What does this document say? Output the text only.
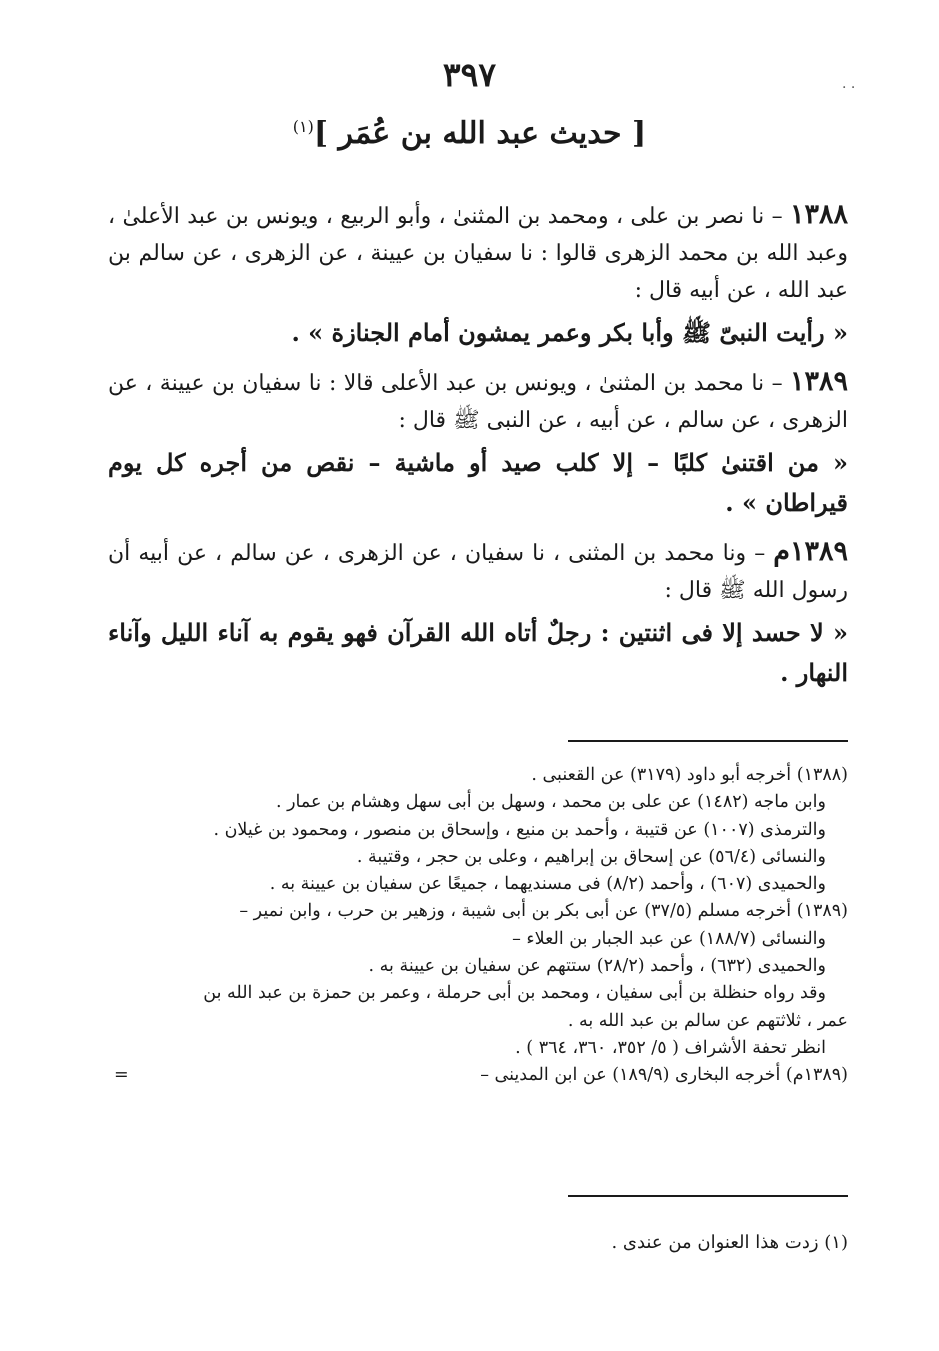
· ·
٣٩٧
[ حديث عبد الله بن عُمَر ]$^{(١)}$

١٣٨٨ – نا نصر بن على ، ومحمد بن المثنىٰ ، وأبو الربيع ، ويونس بن عبد الأعلىٰ ، وعبد الله بن محمد الزهرى قالوا : نا سفيان بن عيينة ، عن الزهرى ، عن سالم بن عبد الله ، عن أبيه قال :

« رأيت النبىّ ﷺ وأبا بكر وعمر يمشون أمام الجنازة » .

١٣٨٩ – نا محمد بن المثنىٰ ، ويونس بن عبد الأعلى قالا : نا سفيان بن عيينة ، عن الزهرى ، عن سالم ، عن أبيه ، عن النبى ﷺ قال :

« من اقتنىٰ كلبًا – إلا كلب صيد أو ماشية – نقص من أجره كل يوم قيراطان » .

١٣٨٩م – ونا محمد بن المثنى ، نا سفيان ، عن الزهرى ، عن سالم ، عن أبيه أن رسول الله ﷺ قال :

« لا حسد إلا فى اثنتين : رجلٌ أتاه الله القرآن فهو يقوم به آناء الليل وآناء النهار .

(١٣٨٨) أخرجه أبو داود (٣١٧٩) عن القعنبى .
وابن ماجه (١٤٨٢) عن على بن محمد ، وسهل بن أبى سهل وهشام بن عمار .
والترمذى (١٠٠٧) عن قتيبة ، وأحمد بن منيع ، وإسحاق بن منصور ، ومحمود بن غيلان .
والنسائى (٥٦/٤) عن إسحاق بن إبراهيم ، وعلى بن حجر ، وقتيبة .
والحميدى (٦٠٧) ، وأحمد (٨/٢) فى مسنديهما ، جميعًا عن سفيان بن عيينة به .
(١٣٨٩) أخرجه مسلم (٣٧/٥) عن أبى بكر بن أبى شيبة ، وزهير بن حرب ، وابن نمير –
والنسائى (١٨٨/٧) عن عبد الجبار بن العلاء –
والحميدى (٦٣٢) ، وأحمد (٢٨/٢) ستتهم عن سفيان بن عيينة به .
وقد رواه حنظلة بن أبى سفيان ، ومحمد بن أبى حرملة ، وعمر بن حمزة بن عبد الله بن
عمر ، ثلاثتهم عن سالم بن عبد الله به .
انظر تحفة الأشراف ( ٥/ ٣٥٢، ٣٦٠، ٣٦٤ ) .
(١٣٨٩م) أخرجه البخارى (١٨٩/٩) عن ابن المدينى –
=
(١) زدت هذا العنوان من عندى .
